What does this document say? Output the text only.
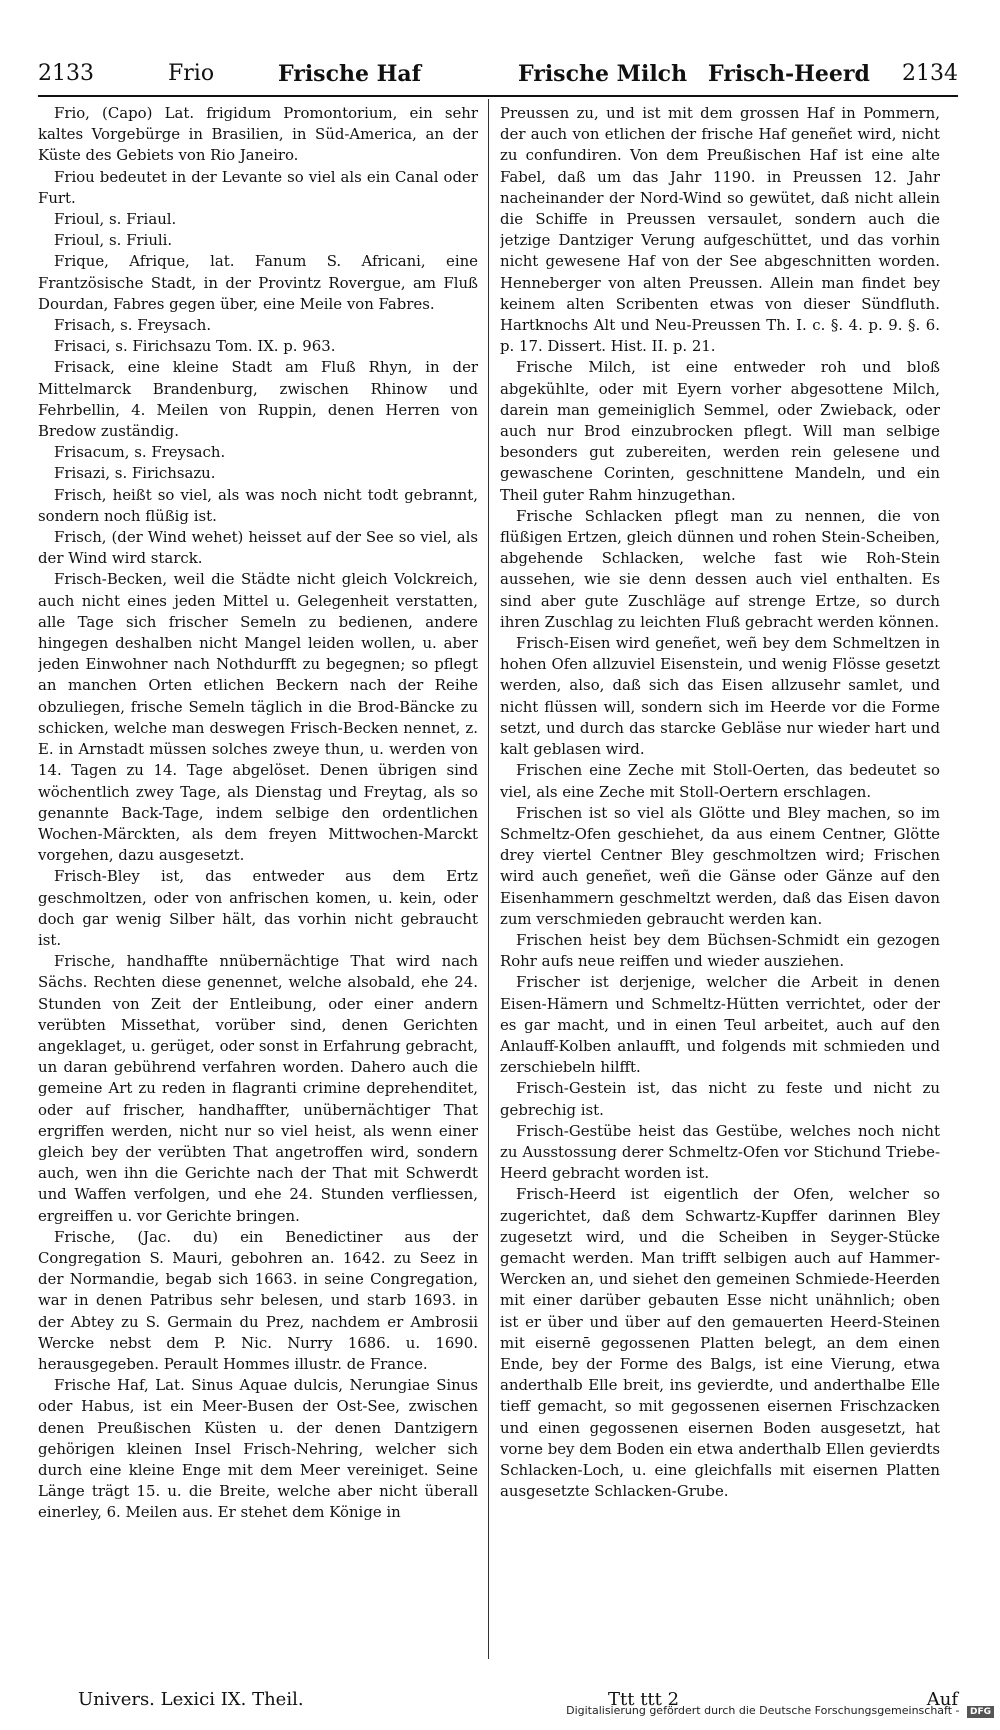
2133	Frio	Frische Haf	Frische Milch Frisch-Heerd 2134

Frio, (Capo) Lat. frigidum Promontorium, ein sehr kaltes Vorgebürge in Brasilien, in Süd-America, an der Küste des Gebiets von Rio Janeiro.

Friou bedeutet in der Levante so viel als ein Canal oder Furt.

Frioul, s. Friaul.

Frioul, s. Friuli.

Frique, Afrique, lat. Fanum S. Africani, eine Frantzösische Stadt, in der Provintz Rovergue, am Fluß Dourdan, Fabres gegen über, eine Meile von Fabres.

Frisach, s. Freysach.

Frisaci, s. Firichsazu Tom. IX. p. 963.

Frisack, eine kleine Stadt am Fluß Rhyn, in der Mittelmarck Brandenburg, zwischen Rhinow und Fehrbellin, 4. Meilen von Ruppin, denen Herren von Bredow zuständig.

Frisacum, s. Freysach.

Frisazi, s. Firichsazu.

Frisch, heißt so viel, als was noch nicht todt gebrannt, sondern noch flüßig ist.

Frisch, (der Wind wehet) heisset auf der See so viel, als der Wind wird starck.

Frisch-Becken, weil die Städte nicht gleich Volckreich, auch nicht eines jeden Mittel u. Gelegenheit verstatten, alle Tage sich frischer Semeln zu bedienen, andere hingegen deshalben nicht Mangel leiden wollen, u. aber jeden Einwohner nach Nothdurfft zu begegnen; so pflegt an manchen Orten etlichen Beckern nach der Reihe obzuliegen, frische Semeln täglich in die Brod-Bäncke zu schicken, welche man deswegen Frisch-Becken nennet, z. E. in Arnstadt müssen solches zweye thun, u. werden von 14. Tagen zu 14. Tage abgelöset. Denen übrigen sind wöchentlich zwey Tage, als Dienstag und Freytag, als so genannte Back-Tage, indem selbige den ordentlichen Wochen-Märckten, als dem freyen Mittwochen-Marckt vorgehen, dazu ausgesetzt.

Frisch-Bley ist, das entweder aus dem Ertz geschmoltzen, oder von anfrischen komen, u. kein, oder doch gar wenig Silber hält, das vorhin nicht gebraucht ist.

Frische, handhaffte nnübernächtige That wird nach Sächs. Rechten diese genennet, welche alsobald, ehe 24. Stunden von Zeit der Entleibung, oder einer andern verübten Missethat, vorüber sind, denen Gerichten angeklaget, u. gerüget, oder sonst in Erfahrung gebracht, un daran gebührend verfahren worden. Dahero auch die gemeine Art zu reden in flagranti crimine deprehenditet, oder auf frischer, handhaffter, unübernächtiger That ergriffen werden, nicht nur so viel heist, als wenn einer gleich bey der verübten That angetroffen wird, sondern auch, wen ihn die Gerichte nach der That mit Schwerdt und Waffen verfolgen, und ehe 24. Stunden verfliessen, ergreiffen u. vor Gerichte bringen.

Frische, (Jac. du) ein Benedictiner aus der Congregation S. Mauri, gebohren an. 1642. zu Seez in der Normandie, begab sich 1663. in seine Congregation, war in denen Patribus sehr belesen, und starb 1693. in der Abtey zu S. Germain du Prez, nachdem er Ambrosii Wercke nebst dem P. Nic. Nurry 1686. u. 1690. herausgegeben. Perault Hommes illustr. de France.

Frische Haf, Lat. Sinus Aquae dulcis, Nerungiae Sinus oder Habus, ist ein Meer-Busen der Ost-See, zwischen denen Preußischen Küsten u. der denen Dantzigern gehörigen kleinen Insel Frisch-Nehring, welcher sich durch eine kleine Enge mit dem Meer vereiniget. Seine Länge trägt 15. u. die Breite, welche aber nicht überall einerley, 6. Meilen aus. Er stehet dem Könige in

Preussen zu, und ist mit dem grossen Haf in Pommern, der auch von etlichen der frische Haf geneñet wird, nicht zu confundiren. Von dem Preußischen Haf ist eine alte Fabel, daß um das Jahr 1190. in Preussen 12. Jahr nacheinander der Nord-Wind so gewütet, daß nicht allein die Schiffe in Preussen versaulet, sondern auch die jetzige Dantziger Verung aufgeschüttet, und das vorhin nicht gewesene Haf von der See abgeschnitten worden. Henneberger von alten Preussen. Allein man findet bey keinem alten Scribenten etwas von dieser Sündfluth. Hartknochs Alt und Neu-Preussen Th. I. c. §. 4. p. 9. §. 6. p. 17. Dissert. Hist. II. p. 21.

Frische Milch, ist eine entweder roh und bloß abgekühlte, oder mit Eyern vorher abgesottene Milch, darein man gemeiniglich Semmel, oder Zwieback, oder auch nur Brod einzubrocken pflegt. Will man selbige besonders gut zubereiten, werden rein gelesene und gewaschene Corinten, geschnittene Mandeln, und ein Theil guter Rahm hinzugethan.

Frische Schlacken pflegt man zu nennen, die von flüßigen Ertzen, gleich dünnen und rohen Stein-Scheiben, abgehende Schlacken, welche fast wie Roh-Stein aussehen, wie sie denn dessen auch viel enthalten. Es sind aber gute Zuschläge auf strenge Ertze, so durch ihren Zuschlag zu leichten Fluß gebracht werden können.

Frisch-Eisen wird geneñet, weñ bey dem Schmeltzen in hohen Ofen allzuviel Eisenstein, und wenig Flösse gesetzt werden, also, daß sich das Eisen allzusehr samlet, und nicht flüssen will, sondern sich im Heerde vor die Forme setzt, und durch das starcke Gebläse nur wieder hart und kalt geblasen wird.

Frischen eine Zeche mit Stoll-Oerten, das bedeutet so viel, als eine Zeche mit Stoll-Oertern erschlagen.

Frischen ist so viel als Glötte und Bley machen, so im Schmeltz-Ofen geschiehet, da aus einem Centner, Glötte drey viertel Centner Bley geschmoltzen wird; Frischen wird auch geneñet, weñ die Gänse oder Gänze auf den Eisenhammern geschmeltzt werden, daß das Eisen davon zum verschmieden gebraucht werden kan.

Frischen heist bey dem Büchsen-Schmidt ein gezogen Rohr aufs neue reiffen und wieder ausziehen.

Frischer ist derjenige, welcher die Arbeit in denen Eisen-Hämern und Schmeltz-Hütten verrichtet, oder der es gar macht, und in einen Teul arbeitet, auch auf den Anlauff-Kolben anlaufft, und folgends mit schmieden und zerschiebeln hilfft.

Frisch-Gestein ist, das nicht zu feste und nicht zu gebrechig ist.

Frisch-Gestübe heist das Gestübe, welches noch nicht zu Ausstossung derer Schmeltz-Ofen vor Stichund Triebe-Heerd gebracht worden ist.

Frisch-Heerd ist eigentlich der Ofen, welcher so zugerichtet, daß dem Schwartz-Kupffer darinnen Bley zugesetzt wird, und die Scheiben in Seyger-Stücke gemacht werden. Man trifft selbigen auch auf Hammer-Wercken an, und siehet den gemeinen Schmiede-Heerden mit einer darüber gebauten Esse nicht unähnlich; oben ist er über und über auf den gemauerten Heerd-Steinen mit eisernē gegossenen Platten belegt, an dem einen Ende, bey der Forme des Balgs, ist eine Vierung, etwa anderthalb Elle breit, ins gevierdte, und anderthalbe Elle tieff gemacht, so mit gegossenen eisernen Frischzacken und einen gegossenen eisernen Boden ausgesetzt, hat vorne bey dem Boden ein etwa anderthalb Ellen gevierdts Schlacken-Loch, u. eine gleichfalls mit eisernen Platten ausgesetzte Schlacken-Grube.

Univers. Lexici IX. Theil.	Ttt ttt 2	Auf
Digitalisierung gefördert durch die Deutsche Forschungsgemeinschaft - DFG
